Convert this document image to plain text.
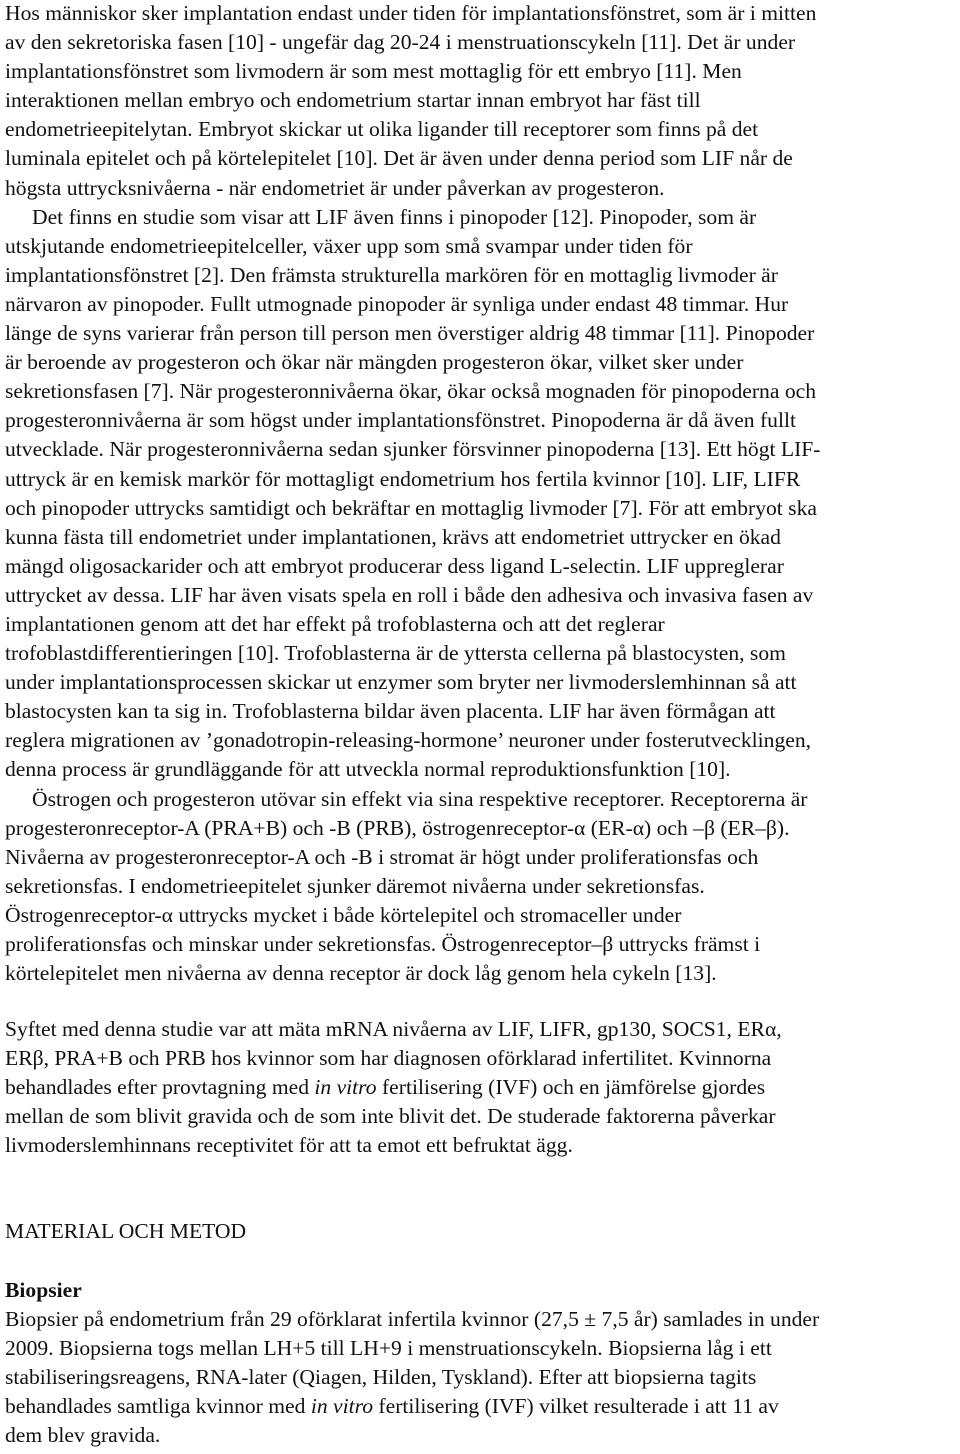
Hos människor sker implantation endast under tiden för implantationsfönstret, som är i mitten
av den sekretoriska fasen [10] - ungefär dag 20-24 i menstruationscykeln [11]. Det är under
implantationsfönstret som livmodern är som mest mottaglig för ett embryo [11]. Men
interaktionen mellan embryo och endometrium startar innan embryot har fäst till
endometrieepitelytan. Embryot skickar ut olika ligander till receptorer som finns på det
luminala epitelet och på körtelepitelet [10]. Det är även under denna period som LIF når de
högsta uttrycksnivåerna - när endometriet är under påverkan av progesteron.
Det finns en studie som visar att LIF även finns i pinopoder [12]. Pinopoder, som är
utskjutande endometrieepitelceller, växer upp som små svampar under tiden för
implantationsfönstret [2]. Den främsta strukturella markören för en mottaglig livmoder är
närvaron av pinopoder. Fullt utmognade pinopoder är synliga under endast 48 timmar. Hur
länge de syns varierar från person till person men överstiger aldrig 48 timmar [11]. Pinopoder
är beroende av progesteron och ökar när mängden progesteron ökar, vilket sker under
sekretionsfasen [7]. När progesteronnivåerna ökar, ökar också mognaden för pinopoderna och
progesteronnivåerna är som högst under implantationsfönstret. Pinopoderna är då även fullt
utvecklade. När progesteronnivåerna sedan sjunker försvinner pinopoderna [13]. Ett högt LIF-
uttryck är en kemisk markör för mottagligt endometrium hos fertila kvinnor [10]. LIF, LIFR
och pinopoder uttrycks samtidigt och bekräftar en mottaglig livmoder [7]. För att embryot ska
kunna fästa till endometriet under implantationen, krävs att endometriet uttrycker en ökad
mängd oligosackarider och att embryot producerar dess ligand L-selectin. LIF uppreglerar
uttrycket av dessa. LIF har även visats spela en roll i både den adhesiva och invasiva fasen av
implantationen genom att det har effekt på trofoblasterna och att det reglerar
trofoblastdifferentieringen [10]. Trofoblasterna är de yttersta cellerna på blastocysten, som
under implantationsprocessen skickar ut enzymer som bryter ner livmoderslemhinnan så att
blastocysten kan ta sig in. Trofoblasterna bildar även placenta. LIF har även förmågan att
reglera migrationen av ’gonadotropin-releasing-hormone’ neuroner under fosterutvecklingen,
denna process är grundläggande för att utveckla normal reproduktionsfunktion [10].
Östrogen och progesteron utövar sin effekt via sina respektive receptorer. Receptorerna är
progesteronreceptor-A (PRA+B) och -B (PRB), östrogenreceptor-α (ER-α) och –β (ER–β).
Nivåerna av progesteronreceptor-A och -B i stromat är högt under proliferationsfas och
sekretionsfas. I endometrieepitelet sjunker däremot nivåerna under sekretionsfas.
Östrogenreceptor-α uttrycks mycket i både körtelepitel och stromaceller under
proliferationsfas och minskar under sekretionsfas. Östrogenreceptor–β uttrycks främst i
körtelepitelet men nivåerna av denna receptor är dock låg genom hela cykeln [13].
Syftet med denna studie var att mäta mRNA nivåerna av LIF, LIFR, gp130, SOCS1, ERα,
ERβ, PRA+B och PRB hos kvinnor som har diagnosen oförklarad infertilitet. Kvinnorna
behandlades efter provtagning med in vitro fertilisering (IVF) och en jämförelse gjordes
mellan de som blivit gravida och de som inte blivit det. De studerade faktorerna påverkar
livmoderslemhinnans receptivitet för att ta emot ett befruktat ägg.
MATERIAL OCH METOD
Biopsier
Biopsier på endometrium från 29 oförklarat infertila kvinnor (27,5 ± 7,5 år) samlades in under
2009. Biopsierna togs mellan LH+5 till LH+9 i menstruationscykeln. Biopsierna låg i ett
stabiliseringsreagens, RNA-later (Qiagen, Hilden, Tyskland). Efter att biopsierna tagits
behandlades samtliga kvinnor med in vitro fertilisering (IVF) vilket resulterade i att 11 av
dem blev gravida.
